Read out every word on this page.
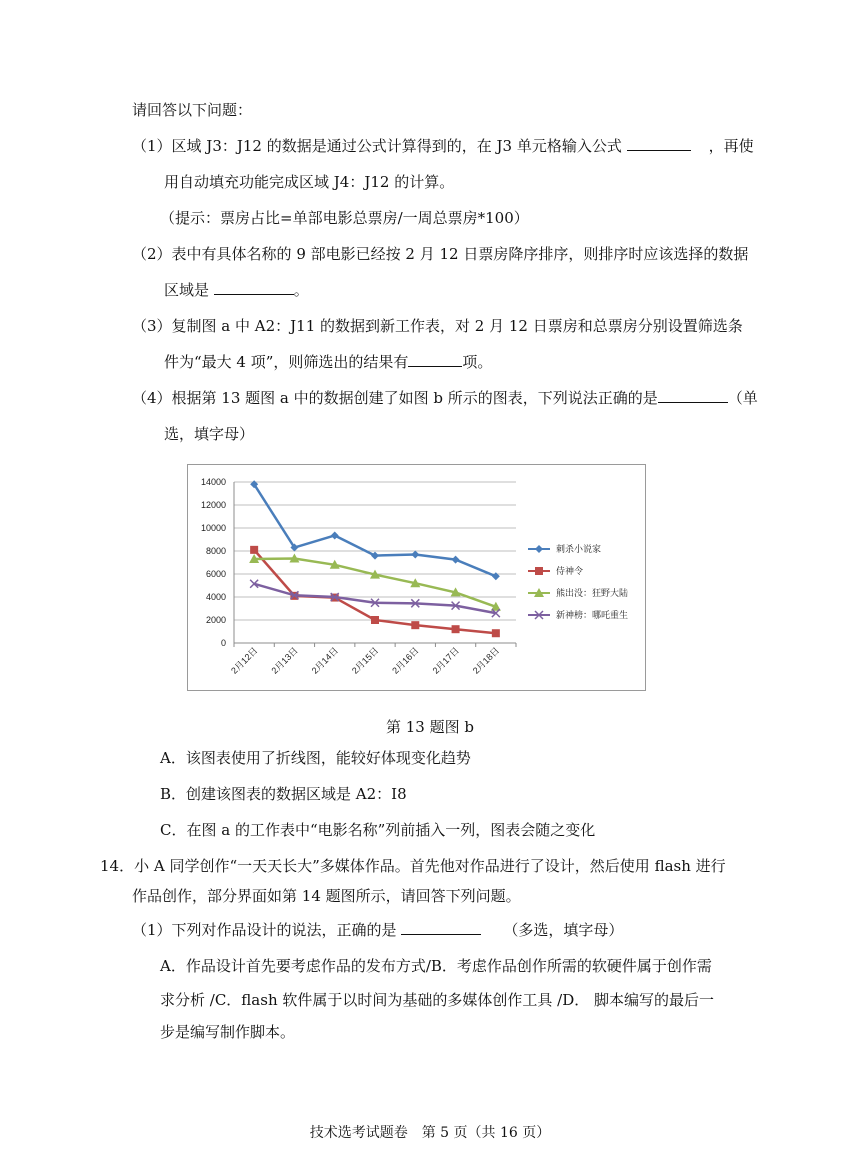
请回答以下问题：
（1）区域 J3：J12 的数据是通过公式计算得到的，在 J3 单元格输入公式	，再使
用自动填充功能完成区域 J4：J12 的计算。
（提示：票房占比=单部电影总票房/一周总票房*100）
（2）表中有具体名称的 9 部电影已经按 2 月 12 日票房降序排序，则排序时应该选择的数据
区域是	。
（3）复制图 a 中 A2：J11 的数据到新工作表，对 2 月 12 日票房和总票房分别设置筛选条
件为“最大 4 项”，则筛选出的结果有	项。
（4）根据第 13 题图 a 中的数据创建了如图 b 所示的图表，下列说法正确的是	（单
选，填字母）
0
2000
4000
6000
8000
10000
12000
14000
2月12日 2月13日 2月14日 2月15日 2月16日 2月17日 2月18日
刺杀小说家
侍神令
熊出没：狂野大陆
新神榜：哪吒重生
第 13 题图 b
A．该图表使用了折线图，能较好体现变化趋势
B．创建该图表的数据区域是 A2：I8
C．在图 a 的工作表中“电影名称”列前插入一列，图表会随之变化
14．小 A 同学创作“一天天长大”多媒体作品。首先他对作品进行了设计，然后使用 flash 进行
作品创作，部分界面如第 14 题图所示，请回答下列问题。
（1）下列对作品设计的说法，正确的是	（多选，填字母）
A．作品设计首先要考虑作品的发布方式/B．考虑作品创作所需的软硬件属于创作需
求分析 /C．flash 软件属于以时间为基础的多媒体创作工具 /D． 脚本编写的最后一
步是编写制作脚本。
技术选考试题卷　第 5 页（共 16 页）
